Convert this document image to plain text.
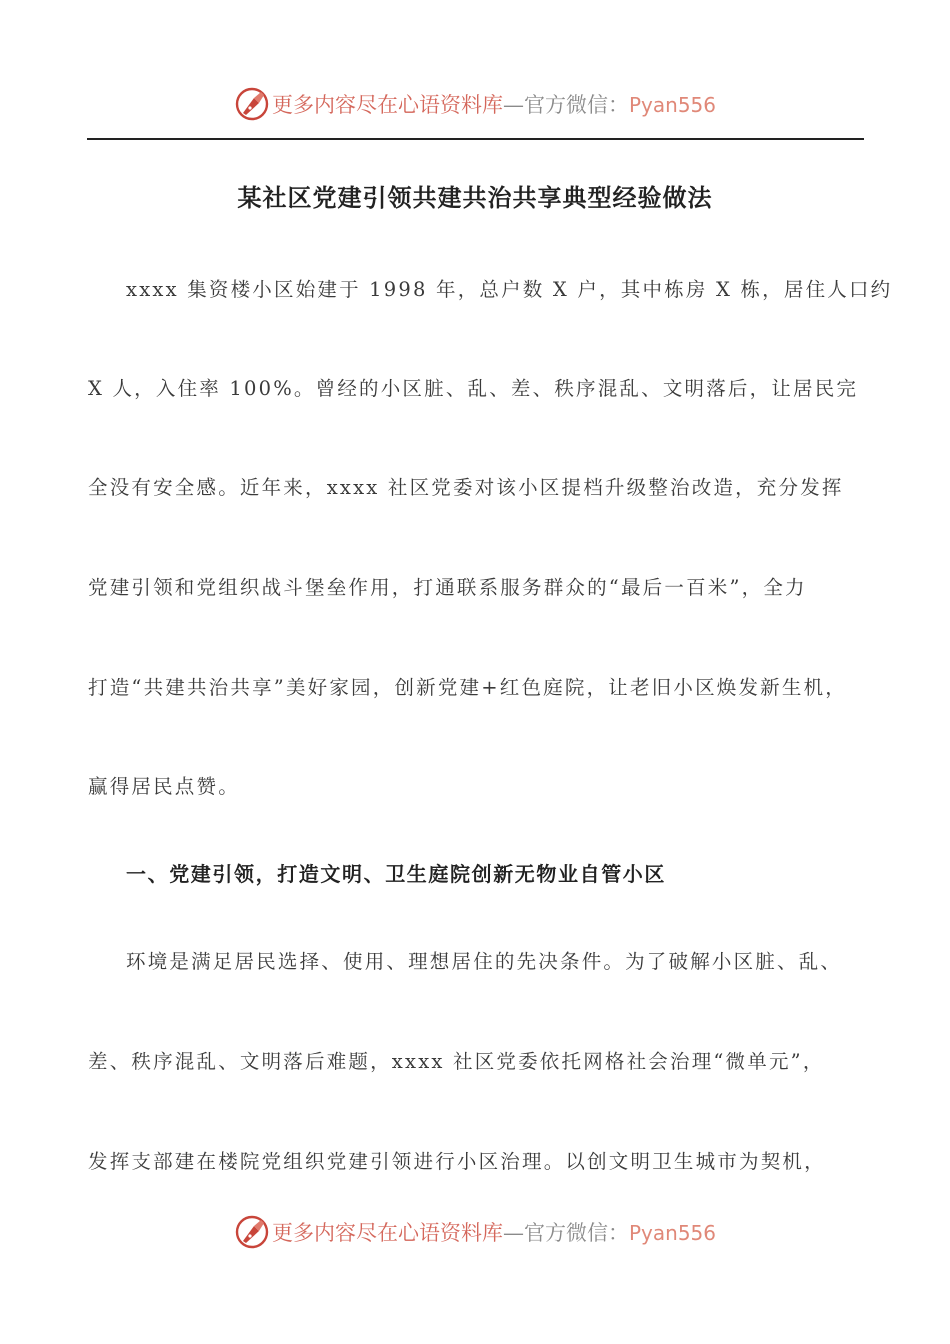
更多内容尽在心语资料库—官方微信：Pyan556
某社区党建引领共建共治共享典型经验做法
xxxx 集资楼小区始建于 1998 年，总户数 X 户，其中栋房 X 栋，居住人口约
X 人，入住率 100%。曾经的小区脏、乱、差、秩序混乱、文明落后，让居民完
全没有安全感。近年来，xxxx 社区党委对该小区提档升级整治改造，充分发挥
党建引领和党组织战斗堡垒作用，打通联系服务群众的“最后一百米”，全力
打造“共建共治共享”美好家园，创新党建+红色庭院，让老旧小区焕发新生机，
赢得居民点赞。
一、党建引领，打造文明、卫生庭院创新无物业自管小区
环境是满足居民选择、使用、理想居住的先决条件。为了破解小区脏、乱、
差、秩序混乱、文明落后难题，xxxx 社区党委依托网格社会治理“微单元”，
发挥支部建在楼院党组织党建引领进行小区治理。以创文明卫生城市为契机，
更多内容尽在心语资料库—官方微信：Pyan556
